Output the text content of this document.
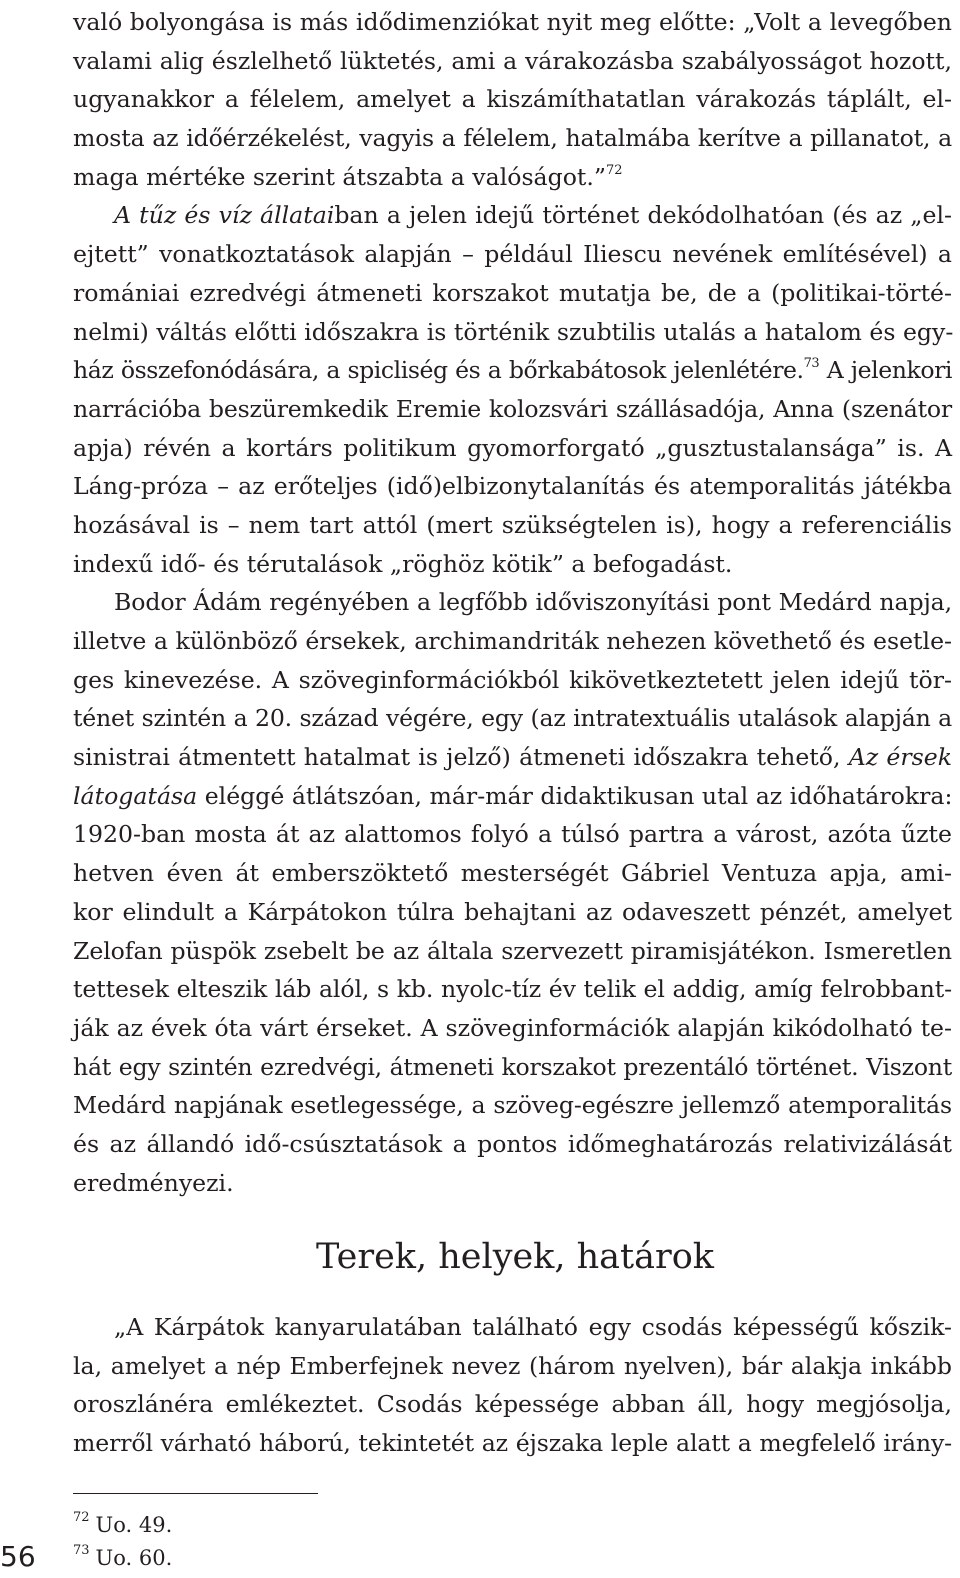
való bolyongása is más idődimenziókat nyit meg előtte: „Volt a levegőben
valami alig észlelhető lüktetés, ami a várakozásba szabályosságot hozott,
ugyanakkor a félelem, amelyet a kiszámíthatatlan várakozás táplált, el-
mosta az időérzékelést, vagyis a félelem, hatalmába kerítve a pillanatot, a
maga mértéke szerint átszabta a valóságot.”$^{72}$
A tűz és víz állataiban a jelen idejű történet dekódolhatóan (és az „el-
ejtett” vonatkoztatások alapján – például Iliescu nevének említésével) a
romániai ezredvégi átmeneti korszakot mutatja be, de a (politikai-törté-
nelmi) váltás előtti időszakra is történik szubtilis utalás a hatalom és egy-
ház összefonódására, a spicliség és a bőrkabátosok jelenlétére.$^{73}$ A jelenkori
narrációba beszüremkedik Eremie kolozsvári szállásadója, Anna (szenátor
apja) révén a kortárs politikum gyomorforgató „gusztustalansága” is. A
Láng-próza – az erőteljes (idő)elbizonytalanítás és atemporalitás játékba
hozásával is – nem tart attól (mert szükségtelen is), hogy a referenciális
indexű idő- és térutalások „röghöz kötik” a befogadást.
Bodor Ádám regényében a legfőbb időviszonyítási pont Medárd napja,
illetve a különböző érsekek, archimandriták nehezen követhető és esetle-
ges kinevezése. A szöveginformációkból kikövetkeztetett jelen idejű tör-
ténet szintén a 20. század végére, egy (az intratextuális utalások alapján a
sinistrai átmentett hatalmat is jelző) átmeneti időszakra tehető, Az érsek
látogatása eléggé átlátszóan, már-már didaktikusan utal az időhatárokra:
1920-ban mosta át az alattomos folyó a túlsó partra a várost, azóta űzte
hetven éven át emberszöktető mesterségét Gábriel Ventuza apja, ami-
kor elindult a Kárpátokon túlra behajtani az odaveszett pénzét, amelyet
Zelofan püspök zsebelt be az általa szervezett piramisjátékon. Ismeretlen
tettesek elteszik láb alól, s kb. nyolc-tíz év telik el addig, amíg felrobbant-
ják az évek óta várt érseket. A szöveginformációk alapján kikódolható te-
hát egy szintén ezredvégi, átmeneti korszakot prezentáló történet. Viszont
Medárd napjának esetlegessége, a szöveg-egészre jellemző atemporalitás
és az állandó idő-csúsztatások a pontos időmeghatározás relativizálását
eredményezi.
Terek, helyek, határok
„A Kárpátok kanyarulatában található egy csodás képességű kőszik-
la, amelyet a nép Emberfejnek nevez (három nyelven), bár alakja inkább
oroszlánéra emlékeztet. Csodás képessége abban áll, hogy megjósolja,
merről várható háború, tekintetét az éjszaka leple alatt a megfelelő irány-
$^{72}$ Uo. 49.
$^{73}$ Uo. 60.
56
